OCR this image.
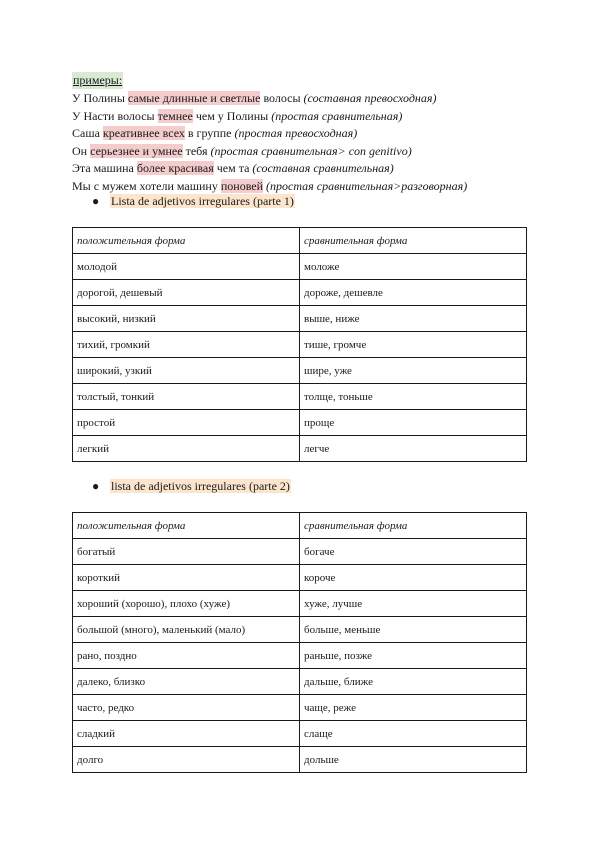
примеры:
У Полины самые длинные и светлые волосы (составная превосходная)
У Насти волосы темнее чем у Полины (простая сравнительная)
Саша креативнее всех в группе (простая превосходная)
Он серьезнее и умнее тебя (простая сравнительная> con genitivo)
Эта машина более красивая чем та (составная сравнительная)
Мы с мужем хотели машину поновей (простая сравнительная>разговорная)
● Lista de adjetivos irregulares (parte 1)
положительная форма	сравнительная форма
молодой	моложе
дорогой, дешевый	дороже, дешевле
высокий, низкий	выше, ниже
тихий, громкий	тише, громче
широкий, узкий	шире, уже
толстый, тонкий	толще, тоньше
простой	проще
легкий	легче
● lista de adjetivos irregulares (parte 2)
положительная форма	сравнительная форма
богатый	богаче
короткий	короче
хороший (хорошо), плохо (хуже)	хуже, лучше
большой (много), маленький (мало)	больше, меньше
рано, поздно	раньше, позже
далеко, близко	дальше, ближе
часто, редко	чаще, реже
сладкий	слаще
долго	дольше
